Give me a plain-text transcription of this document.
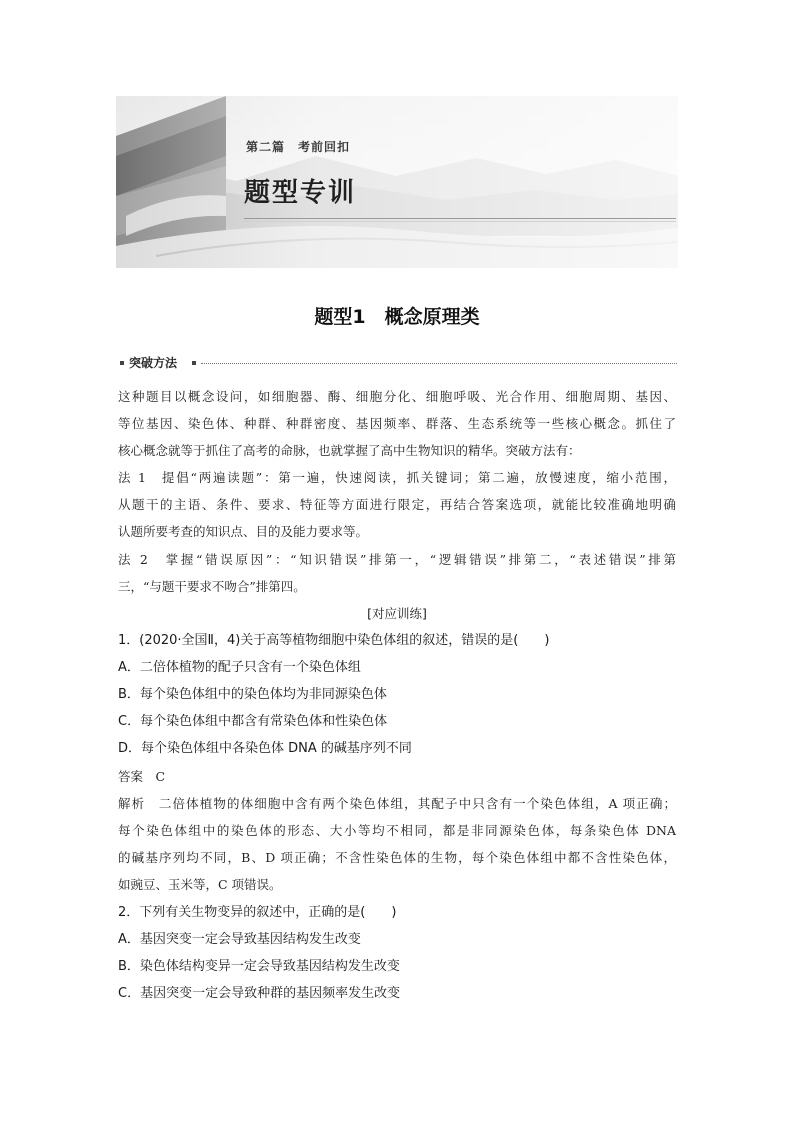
第二篇　考前回扣
题型专训
题型1　概念原理类
突破方法
这种题目以概念设问，如细胞器、酶、细胞分化、细胞呼吸、光合作用、细胞周期、基因、
等位基因、染色体、种群、种群密度、基因频率、群落、生态系统等一些核心概念。抓住了
核心概念就等于抓住了高考的命脉，也就掌握了高中生物知识的精华。突破方法有：
法 1　提倡“两遍读题”：第一遍，快速阅读，抓关键词；第二遍，放慢速度，缩小范围，
从题干的主语、条件、要求、特征等方面进行限定，再结合答案选项，就能比较准确地明确
认题所要考查的知识点、目的及能力要求等。
法 2　掌握“错误原因”：“知识错误”排第一，“逻辑错误”排第二，“表述错误”排第
三，“与题干要求不吻合”排第四。
[对应训练]
1．(2020·全国Ⅱ，4)关于高等植物细胞中染色体组的叙述，错误的是(　　)
A．二倍体植物的配子只含有一个染色体组
B．每个染色体组中的染色体均为非同源染色体
C．每个染色体组中都含有常染色体和性染色体
D．每个染色体组中各染色体 DNA 的碱基序列不同
答案　C
解析　二倍体植物的体细胞中含有两个染色体组，其配子中只含有一个染色体组，A 项正确；
每个染色体组中的染色体的形态、大小等均不相同，都是非同源染色体，每条染色体 DNA
的碱基序列均不同，B、D 项正确；不含性染色体的生物，每个染色体组中都不含性染色体，
如豌豆、玉米等，C 项错误。
2．下列有关生物变异的叙述中，正确的是(　　)
A．基因突变一定会导致基因结构发生改变
B．染色体结构变异一定会导致基因结构发生改变
C．基因突变一定会导致种群的基因频率发生改变
